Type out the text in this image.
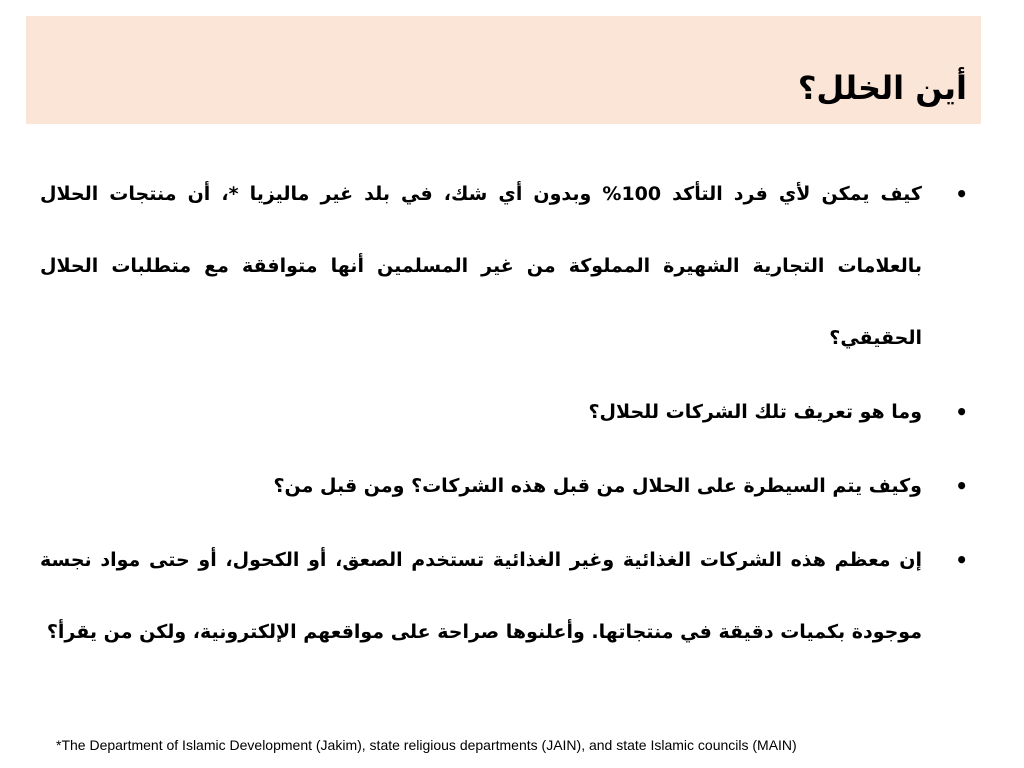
أين الخلل؟
•
كيف يمكن لأي فرد التأكد 100% وبدون أي شك، في بلد غير ماليزيا *، أن منتجات الحلال بالعلامات التجارية الشهيرة المملوكة من غير المسلمين أنها متوافقة مع متطلبات الحلال الحقيقي؟
•
وما هو تعريف تلك الشركات للحلال؟
•
وكيف يتم السيطرة على الحلال من قبل هذه الشركات؟ ومن قبل من؟
•
إن معظم هذه الشركات الغذائية وغير الغذائية تستخدم الصعق، أو الكحول، أو حتى مواد نجسة موجودة بكميات دقيقة في منتجاتها. وأعلنوها صراحة على مواقعهم الإلكترونية، ولكن من يقرأ؟
*The Department of Islamic Development (Jakim), state religious departments (JAIN), and state Islamic councils (MAIN)
